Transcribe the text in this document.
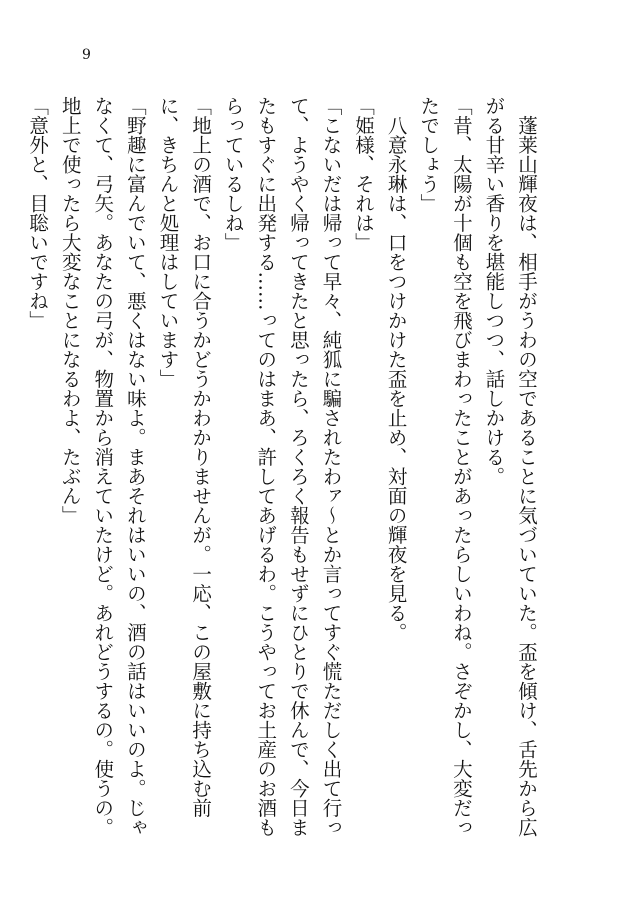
9

　蓬莱山輝夜は、相手がうわの空であることに気づいていた。盃を傾け、舌先から広がる甘辛い香りを堪能しつつ、話しかける。

「昔、太陽が十個も空を飛びまわったことがあったらしいわね。さぞかし、大変だったでしょう」

　八意永琳は、口をつけかけた盃を止め、対面の輝夜を見る。

「姫様、それは」

「こないだは帰って早々、純狐に騙されたわァ〜とか言ってすぐ慌ただしく出て行って、ようやく帰ってきたと思ったら、ろくろく報告もせずにひとりで休んで、今日またもすぐに出発する……ってのはまあ、許してあげるわ。こうやってお土産のお酒もらっているしね」

「地上の酒で、お口に合うかどうかわかりませんが。一応、この屋敷に持ち込む前に、きちんと処理はしています」

「野趣に富んでいて、悪くはない味よ。まあそれはいいの、酒の話はいいのよ。じゃなくて、弓矢。あなたの弓が、物置から消えていたけど。あれどうするの。使うの。地上で使ったら大変なことになるわよ、たぶん」

「意外と、目聡いですね」
